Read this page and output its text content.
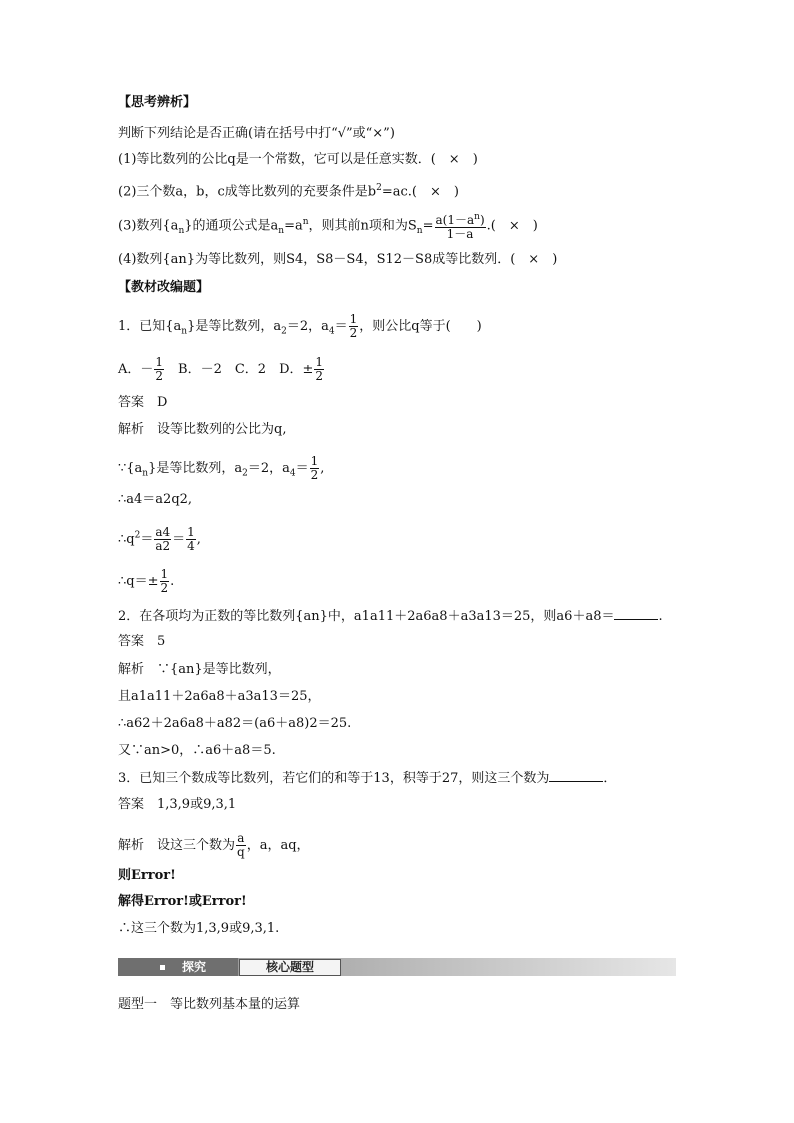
【思考辨析】
判断下列结论是否正确(请在括号中打“√”或“×”)
(1)等比数列的公比q是一个常数，它可以是任意实数．(　×　)
(2)三个数a，b，c成等比数列的充要条件是$b^2=ac$.(　×　)
(3)数列$\{a_n\}$的通项公式是$a_n=a^n$，则其前n项和为$S_n= \frac{a(1-a^n)}{1-a}$ .(　×　)
(4)数列{an}为等比数列，则S4，S8－S4，S12－S8成等比数列．(　×　)
【教材改编题】
1．已知$\{a_n\}$是等比数列，$a_2=2$，$a_4= \frac{1}{2}$ ，则公比q等于(　　)
A．－ $\frac{1}{2}$ 　B．－2　C．2　D．± $\frac{1}{2}$
答案　D
解析　设等比数列的公比为q,
$\because\{a_n\}$是等比数列，$a_2=2$，$a_4= \frac{1}{2}$ ,
∴a4＝a2q2,
$\therefore q^2= \frac{a4}{a2} = \frac{1}{4}$ ,
∴q＝± $\frac{1}{2}$ .
2．在各项均为正数的等比数列{an}中，a1a11＋2a6a8＋a3a13＝25，则a6＋a8＝	.
答案　5
解析　∵{an}是等比数列，
且a1a11＋2a6a8＋a3a13＝25，
∴a62＋2a6a8＋a82＝(a6＋a8)2＝25.
又∵an>0，∴a6＋a8＝5.
3．已知三个数成等比数列，若它们的和等于13，积等于27，则这三个数为	．
答案　1,3,9或9,3,1
解析　设这三个数为 $\frac{a}{q}$ ，a，aq，
则Error!
解得Error!或Error!
∴这三个数为1,3,9或9,3,1.
探究	核心题型
题型一　等比数列基本量的运算
